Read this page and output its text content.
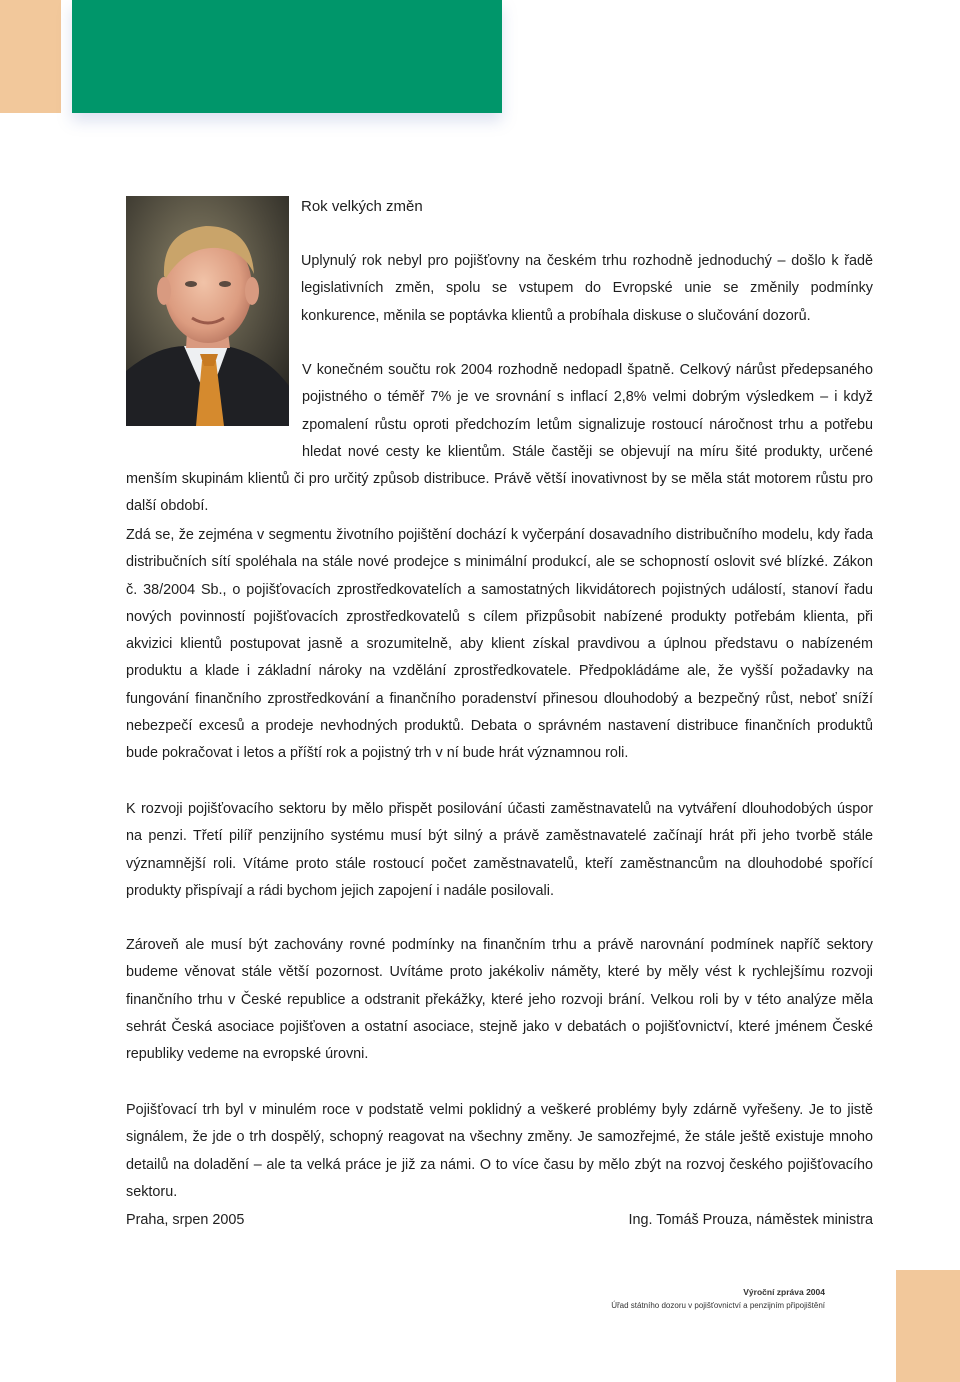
Rok velkých změn

Uplynulý rok nebyl pro pojišťovny na českém trhu rozhodně jednoduchý – došlo k řadě legislativních změn, spolu se vstupem do Evropské unie se změnily podmínky konkurence, měnila se poptávka klientů a probíhala diskuse o slučování dozorů.

V konečném součtu rok 2004 rozhodně nedopadl špatně. Celkový nárůst předepsaného pojistného o téměř 7% je ve srovnání s inflací 2,8% velmi dobrým výsledkem – i když zpomalení růstu oproti předchozím letům signalizuje rostoucí náročnost trhu a potřebu hledat nové cesty ke klientům. Stále častěji se objevují na míru šité produkty, určené menším skupinám klientů či pro určitý způsob distribuce. Právě větší inovativnost by se měla stát motorem růstu pro další období.

Zdá se, že zejména v segmentu životního pojištění dochází k vyčerpání dosavadního distribučního modelu, kdy řada distribučních sítí spoléhala na stále nové prodejce s minimální produkcí, ale se schopností oslovit své blízké. Zákon č. 38/2004 Sb., o pojišťovacích zprostředkovatelích a samostatných likvidátorech pojistných událostí, stanoví řadu nových povinností pojišťovacích zprostředkovatelů s cílem přizpůsobit nabízené produkty potřebám klienta, při akvizici klientů postupovat jasně a srozumitelně, aby klient získal pravdivou a úplnou představu o nabízeném produktu a klade i základní nároky na vzdělání zprostředkovatele. Předpokládáme ale, že vyšší požadavky na fungování finančního zprostředkování a finančního poradenství přinesou dlouhodobý a bezpečný růst, neboť sníží nebezpečí excesů a prodeje nevhodných produktů. Debata o správném nastavení distribuce finančních produktů bude pokračovat i letos a příští rok a pojistný trh v ní bude hrát významnou roli.

K rozvoji pojišťovacího sektoru by mělo přispět posilování účasti zaměstnavatelů na vytváření dlouhodobých úspor na penzi. Třetí pilíř penzijního systému musí být silný a právě zaměstnavatelé začínají hrát při jeho tvorbě stále významnější roli. Vítáme proto stále rostoucí počet zaměstnavatelů, kteří zaměstnancům na dlouhodobé spořící produkty přispívají a rádi bychom jejich zapojení i nadále posilovali.

Zároveň ale musí být zachovány rovné podmínky na finančním trhu a právě narovnání podmínek napříč sektory budeme věnovat stále větší pozornost. Uvítáme proto jakékoliv náměty, které by měly vést k rychlejšímu rozvoji finančního trhu v České republice a odstranit překážky, které jeho rozvoji brání. Velkou roli by v této analýze měla sehrát Česká asociace pojišťoven a ostatní asociace, stejně jako v debatách o pojišťovnictví, které jménem České republiky vedeme na evropské úrovni.

Pojišťovací trh byl v minulém roce v podstatě velmi poklidný a veškeré problémy byly zdárně vyřešeny. Je to jistě signálem, že jde o trh dospělý, schopný reagovat na všechny změny. Je samozřejmé, že stále ještě existuje mnoho detailů na doladění – ale ta velká práce je již za námi. O to více času by mělo zbýt na rozvoj českého pojišťovacího sektoru.

Praha, srpen 2005	Ing. Tomáš Prouza, náměstek ministra
Výroční zpráva 2004
Úřad státního dozoru v pojišťovnictví a penzijním připojištění
